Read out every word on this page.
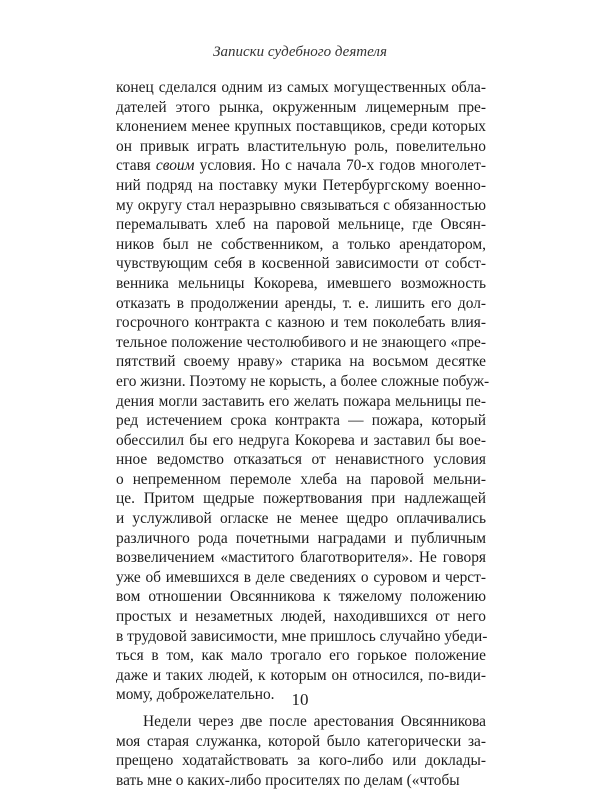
Записки судебного деятеля
конец сделался одним из самых могущественных обла-
дателей этого рынка, окруженным лицемерным пре-
клонением менее крупных поставщиков, среди которых
он привык играть властительную роль, повелительно
ставя своим условия. Но с начала 70-х годов многолет-
ний подряд на поставку муки Петербургскому военно-
му округу стал неразрывно связываться с обязанностью
перемалывать хлеб на паровой мельнице, где Овсян-
ников был не собственником, а только арендатором,
чувствующим себя в косвенной зависимости от собст-
венника мельницы Кокорева, имевшего возможность
отказать в продолжении аренды, т. е. лишить его дол-
госрочного контракта с казною и тем поколебать влия-
тельное положение честолюбивого и не знающего «пре-
пятствий своему нраву» старика на восьмом десятке
его жизни. Поэтому не корысть, а более сложные побуж-
дения могли заставить его желать пожара мельницы пе-
ред истечением срока контракта — пожара, который
обессилил бы его недруга Кокорева и заставил бы вое-
нное ведомство отказаться от ненавистного условия
о непременном перемоле хлеба на паровой мельни-
це. Притом щедрые пожертвования при надлежащей
и услужливой огласке не менее щедро оплачивались
различного рода почетными наградами и публичным
возвеличением «маститого благотворителя». Не говоря
уже об имевшихся в деле сведениях о суровом и черст-
вом отношении Овсянникова к тяжелому положению
простых и незаметных людей, находившихся от него
в трудовой зависимости, мне пришлось случайно убеди-
ться в том, как мало трогало его горькое положение
даже и таких людей, к которым он относился, по-види-
мому, доброжелательно.
Недели через две после арестования Овсянникова
моя старая служанка, которой было категорически за-
прещено ходатайствовать за кого-либо или доклады-
вать мне о каких-либо просителях по делам («чтобы
10
